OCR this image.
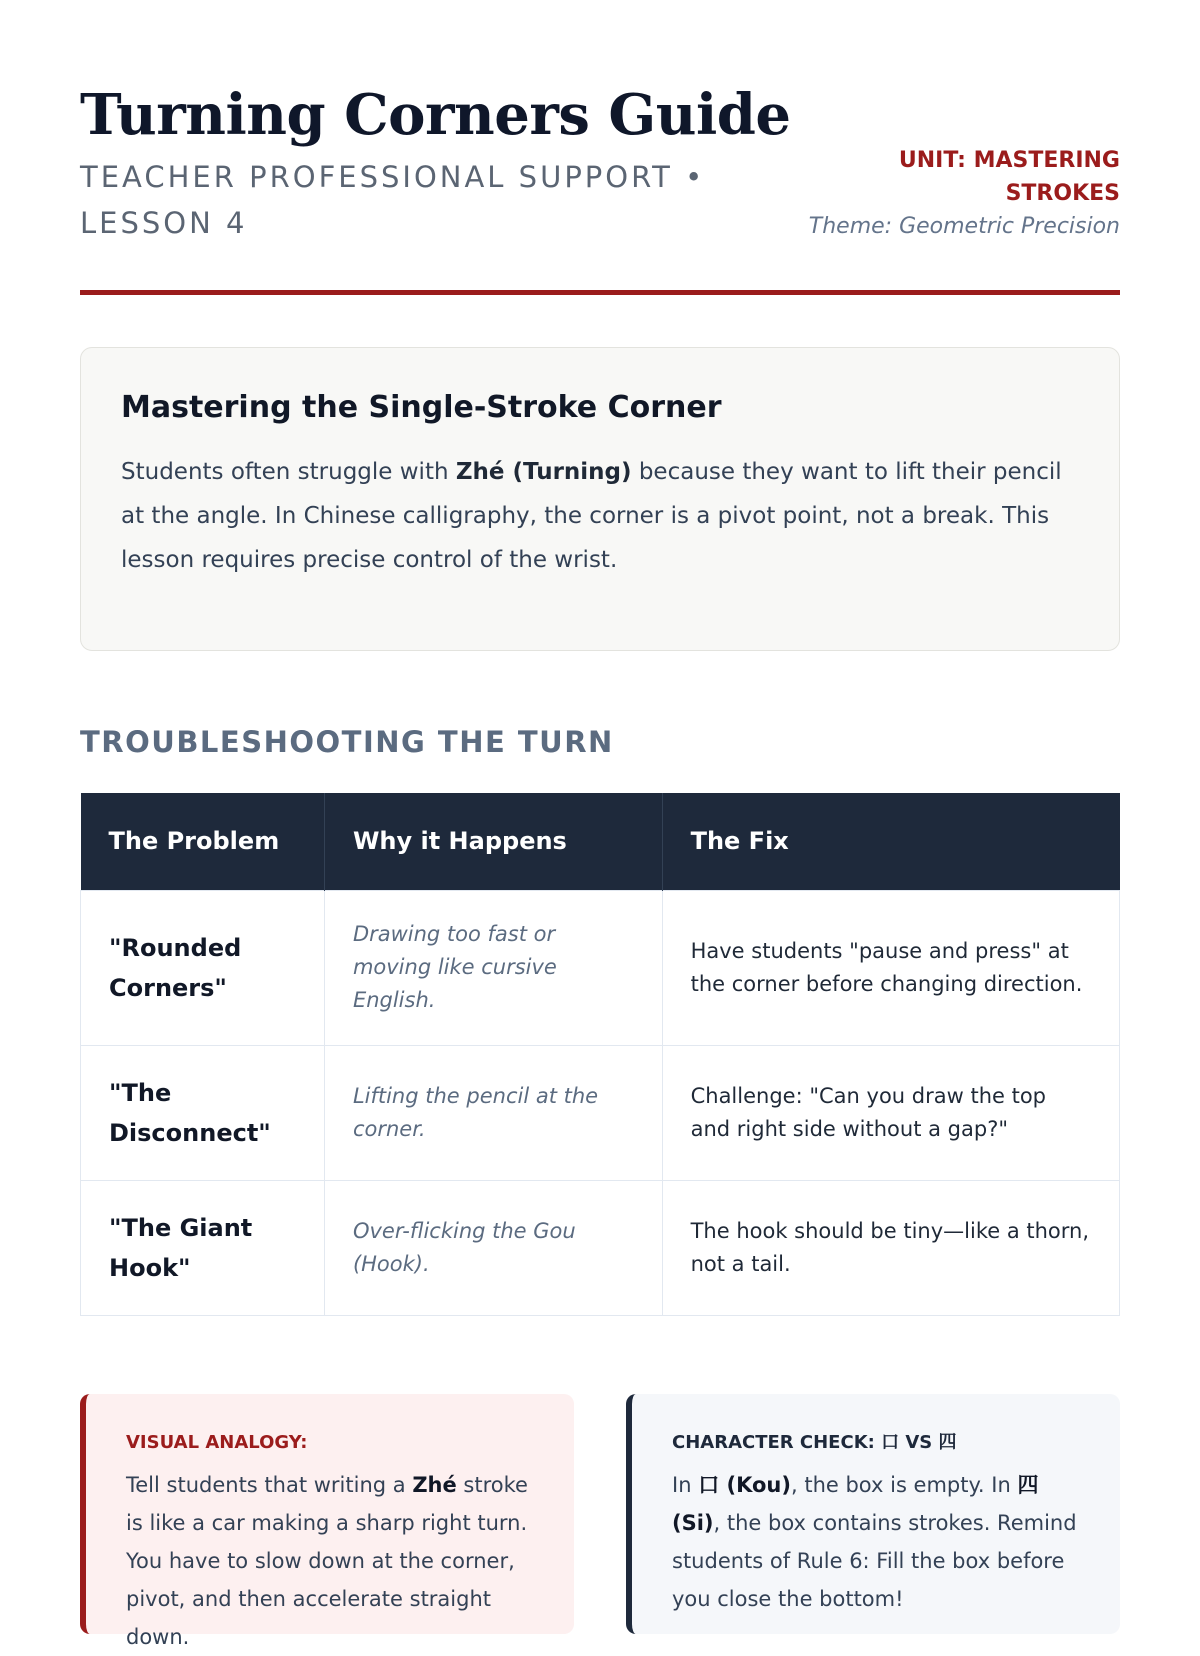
Turning Corners Guide
TEACHER PROFESSIONAL SUPPORT • LESSON 4
UNIT: MASTERING STROKES
Theme: Geometric Precision
Mastering the Single-Stroke Corner

Students often struggle with Zhé (Turning) because they want to lift their pencil at the angle. In Chinese calligraphy, the corner is a pivot point, not a break. This lesson requires precise control of the wrist.

TROUBLESHOOTING THE TURN
The Problem	Why it Happens	The Fix
"Rounded Corners"	Drawing too fast or moving like cursive English.	Have students "pause and press" at the corner before changing direction.
"The Disconnect"	Lifting the pencil at the corner.	Challenge: "Can you draw the top and right side without a gap?"
"The Giant Hook"	Over-flicking the Gou (Hook).	The hook should be tiny—like a thorn, not a tail.
VISUAL ANALOGY:
Tell students that writing a Zhé stroke is like a car making a sharp right turn. You have to slow down at the corner, pivot, and then accelerate straight down.
CHARACTER CHECK: 口 VS 四
In 口 (Kou), the box is empty. In 四 (Si), the box contains strokes. Remind students of Rule 6: Fill the box before you close the bottom!
